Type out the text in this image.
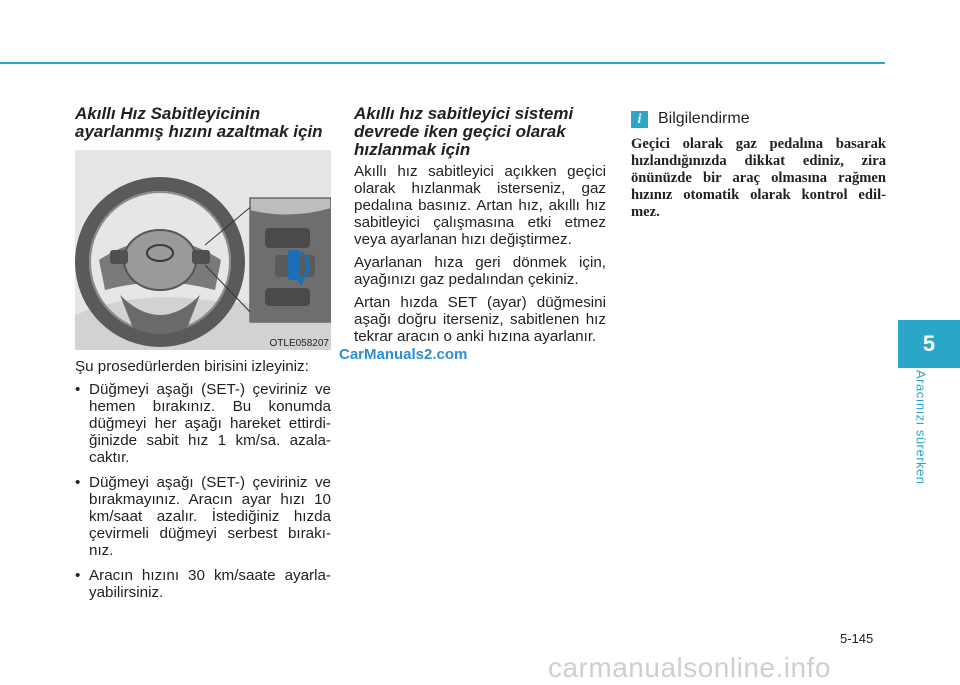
Akıllı Hız Sabitleyicinin
ayarlanmış hızını azaltmak için
OTLE058207

Şu prosedürlerden birisini izleyiniz:

• Düğmeyi aşağı (SET-) çeviriniz ve hemen bırakınız. Bu konumda düğmeyi her aşağı hareket ettirdi- ğinizde sabit hız 1 km/sa. azala- caktır.
• Düğmeyi aşağı (SET-) çeviriniz ve bırakmayınız. Aracın ayar hızı 10 km/saat azalır. İstediğiniz hızda çevirmeli düğmeyi serbest bırakı- nız.
• Aracın hızını 30 km/saate ayarla- yabilirsiniz.
Akıllı hız sabitleyici sistemi
devrede iken geçici olarak
hızlanmak için

Akıllı hız sabitleyici açıkken geçici olarak hızlanmak isterseniz, gaz pedalına basınız. Artan hız, akıllı hız sabitleyici çalışmasına etki etmez veya ayarlanan hızı değiştirmez.

Ayarlanan hıza geri dönmek için, ayağınızı gaz pedalından çekiniz.

Artan hızda SET (ayar) düğmesini aşağı doğru iterseniz, sabitlenen hız tekrar aracın o anki hızına ayarlanır.

CarManuals2.com
i	Bilgilendirme
Geçici olarak gaz pedalına basarak hızlandığınızda dikkat ediniz, zira önünüzde bir araç olmasına rağmen hızınız otomatik olarak kontrol edil- mez.
5
Aracınızı sürerken
5-145
carmanualsonline.info
